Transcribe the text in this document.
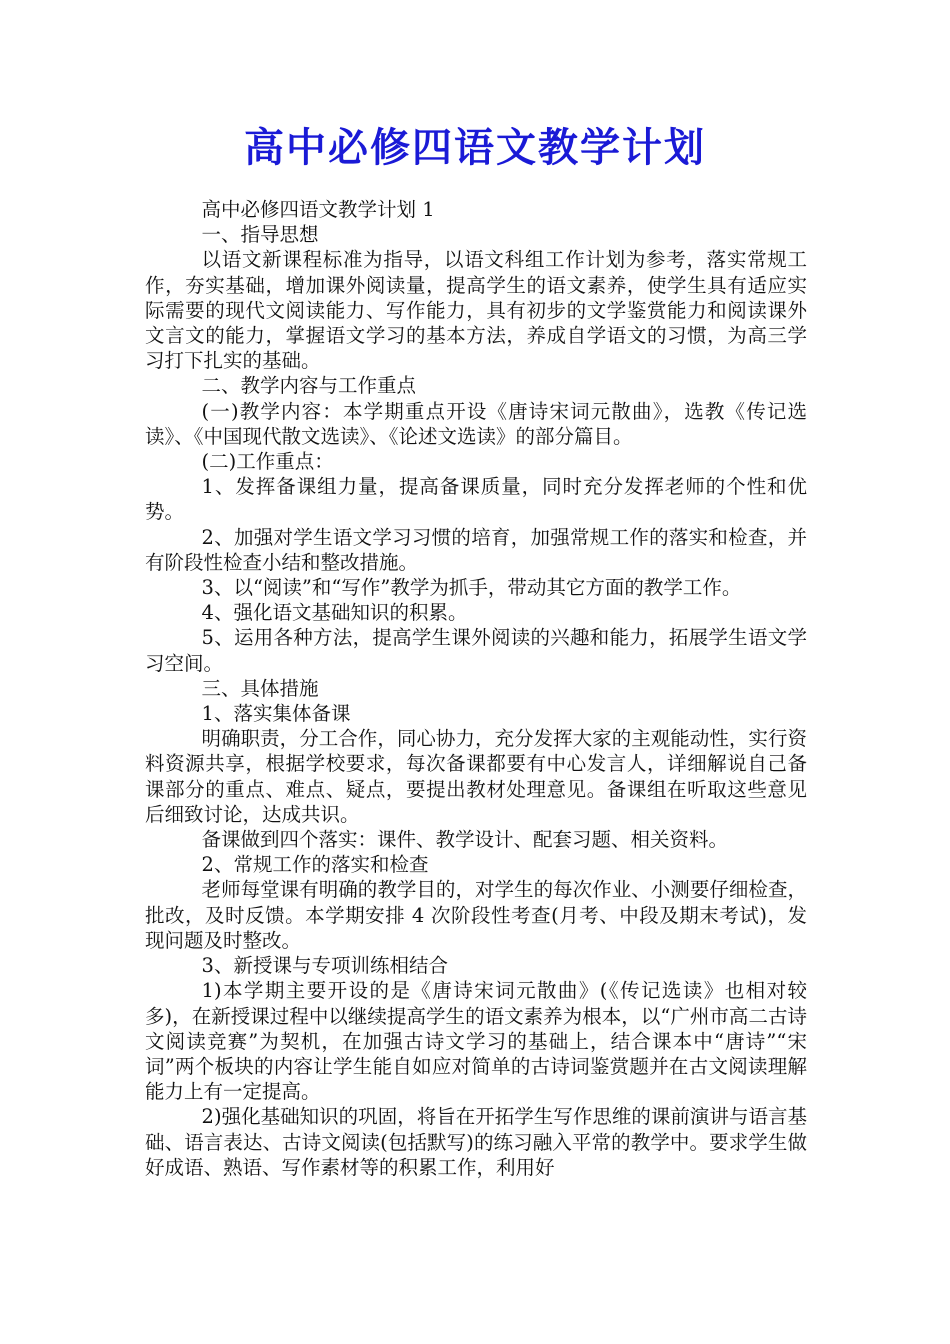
高中必修四语文教学计划

高中必修四语文教学计划 1

一、指导思想

以语文新课程标准为指导，以语文科组工作计划为参考，落实常规工作，夯实基础，增加课外阅读量，提高学生的语文素养，使学生具有适应实际需要的现代文阅读能力、写作能力，具有初步的文学鉴赏能力和阅读课外文言文的能力，掌握语文学习的基本方法，养成自学语文的习惯，为高三学习打下扎实的基础。

二、教学内容与工作重点

(一)教学内容：本学期重点开设《唐诗宋词元散曲》，选教《传记选读》、《中国现代散文选读》、《论述文选读》的部分篇目。

(二)工作重点：

1、发挥备课组力量，提高备课质量，同时充分发挥老师的个性和优势。

2、加强对学生语文学习习惯的培育，加强常规工作的落实和检查，并有阶段性检查小结和整改措施。

3、以“阅读”和“写作”教学为抓手，带动其它方面的教学工作。

4、强化语文基础知识的积累。

5、运用各种方法，提高学生课外阅读的兴趣和能力，拓展学生语文学习空间。

三、具体措施

1、落实集体备课

明确职责，分工合作，同心协力，充分发挥大家的主观能动性，实行资料资源共享，根据学校要求，每次备课都要有中心发言人，详细解说自己备课部分的重点、难点、疑点，要提出教材处理意见。备课组在听取这些意见后细致讨论，达成共识。

备课做到四个落实：课件、教学设计、配套习题、相关资料。

2、常规工作的落实和检查

老师每堂课有明确的教学目的，对学生的每次作业、小测要仔细检查，批改，及时反馈。本学期安排 4 次阶段性考查(月考、中段及期末考试)，发现问题及时整改。

3、新授课与专项训练相结合

1)本学期主要开设的是《唐诗宋词元散曲》(《传记选读》也相对较多)，在新授课过程中以继续提高学生的语文素养为根本，以“广州市高二古诗文阅读竞赛”为契机，在加强古诗文学习的基础上，结合课本中“唐诗”“宋词”两个板块的内容让学生能自如应对简单的古诗词鉴赏题并在古文阅读理解能力上有一定提高。

2)强化基础知识的巩固，将旨在开拓学生写作思维的课前演讲与语言基础、语言表达、古诗文阅读(包括默写)的练习融入平常的教学中。要求学生做好成语、熟语、写作素材等的积累工作，利用好
